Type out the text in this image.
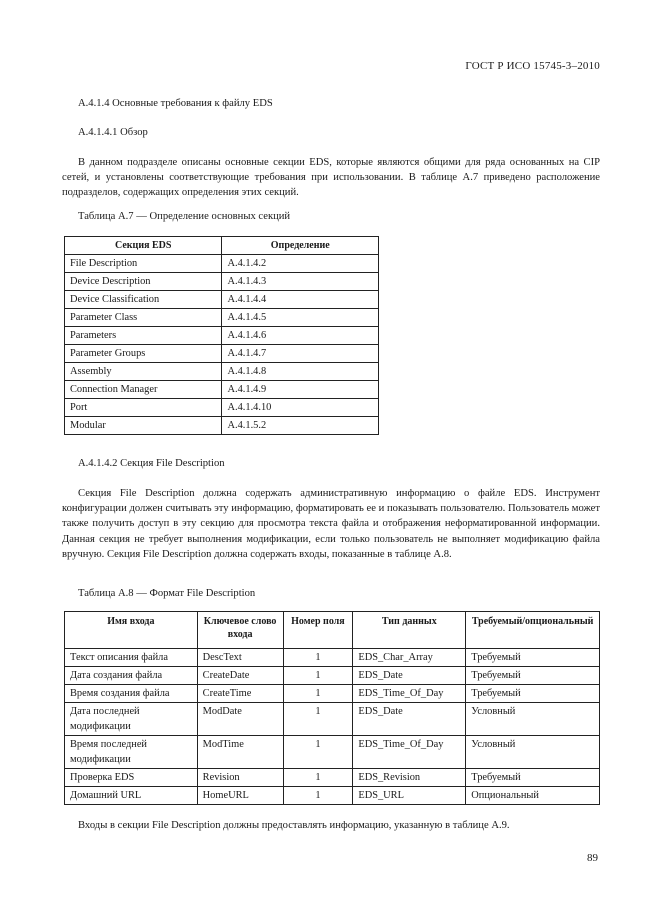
ГОСТ Р ИСО 15745-3–2010
А.4.1.4 Основные требования к файлу EDS
А.4.1.4.1 Обзор
В данном подразделе описаны основные секции EDS, которые являются общими для ряда основанных на CIP сетей, и установлены соответствующие требования при использовании. В таблице А.7 приведено расположение подразделов, содержащих определения этих секций.
Таблица А.7 — Определение основных секций
Секция EDS	Определение
File Description	А.4.1.4.2
Device Description	А.4.1.4.3
Device Classification	А.4.1.4.4
Parameter Class	А.4.1.4.5
Parameters	А.4.1.4.6
Parameter Groups	А.4.1.4.7
Assembly	А.4.1.4.8
Connection Manager	А.4.1.4.9
Port	А.4.1.4.10
Modular	А.4.1.5.2
А.4.1.4.2 Секция File Description
Секция File Description должна содержать административную информацию о файле EDS. Инструмент конфигурации должен считывать эту информацию, форматировать ее и показывать пользователю. Пользователь может также получить доступ в эту секцию для просмотра текста файла и отображения неформатированной информации. Данная секция не требует выполнения модификации, если только пользователь не выполняет модификацию файла вручную. Секция File Description должна содержать входы, показанные в таблице А.8.
Таблица А.8 — Формат File Description
Имя входа	Ключевое слово входа	Номер поля	Тип данных	Требуемый/опциональный
Текст описания файла	DescText	1	EDS_Char_Array	Требуемый
Дата создания файла	CreateDate	1	EDS_Date	Требуемый
Время создания файла	CreateTime	1	EDS_Time_Of_Day	Требуемый
Дата последней модификации	ModDate	1	EDS_Date	Условный
Время последней модификации	ModTime	1	EDS_Time_Of_Day	Условный
Проверка EDS	Revision	1	EDS_Revision	Требуемый
Домашний URL	HomeURL	1	EDS_URL	Опциональный
Входы в секции File Description должны предоставлять информацию, указанную в таблице А.9.
89
